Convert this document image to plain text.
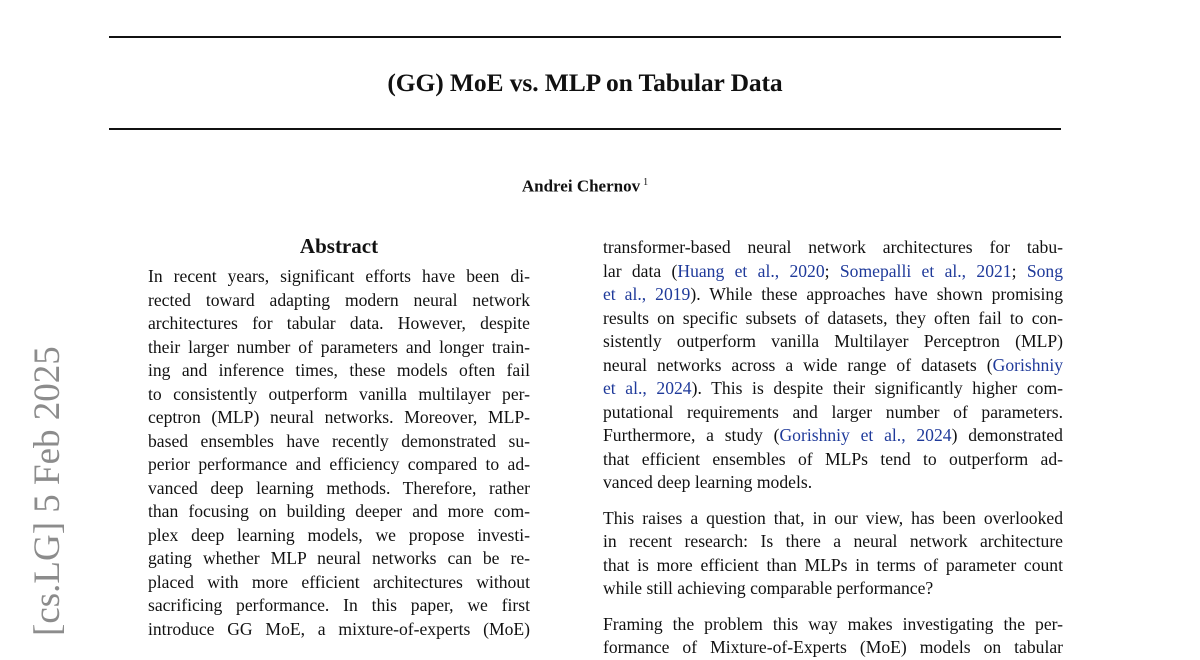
(GG) MoE vs. MLP on Tabular Data
Andrei Chernov $^1$
[cs.LG] 5 Feb 2025
Abstract
In recent years, significant efforts have been di-
rected toward adapting modern neural network
architectures for tabular data. However, despite
their larger number of parameters and longer train-
ing and inference times, these models often fail
to consistently outperform vanilla multilayer per-
ceptron (MLP) neural networks. Moreover, MLP-
based ensembles have recently demonstrated su-
perior performance and efficiency compared to ad-
vanced deep learning methods. Therefore, rather
than focusing on building deeper and more com-
plex deep learning models, we propose investi-
gating whether MLP neural networks can be re-
placed with more efficient architectures without
sacrificing performance. In this paper, we first
introduce GG MoE, a mixture-of-experts (MoE)

transformer-based neural network architectures for tabu-
lar data (Huang et al., 2020; Somepalli et al., 2021; Song
et al., 2019). While these approaches have shown promising
results on specific subsets of datasets, they often fail to con-
sistently outperform vanilla Multilayer Perceptron (MLP)
neural networks across a wide range of datasets (Gorishniy
et al., 2024). This is despite their significantly higher com-
putational requirements and larger number of parameters.
Furthermore, a study (Gorishniy et al., 2024) demonstrated
that efficient ensembles of MLPs tend to outperform ad-
vanced deep learning models.

This raises a question that, in our view, has been overlooked
in recent research: Is there a neural network architecture
that is more efficient than MLPs in terms of parameter count
while still achieving comparable performance?

Framing the problem this way makes investigating the per-
formance of Mixture-of-Experts (MoE) models on tabular
